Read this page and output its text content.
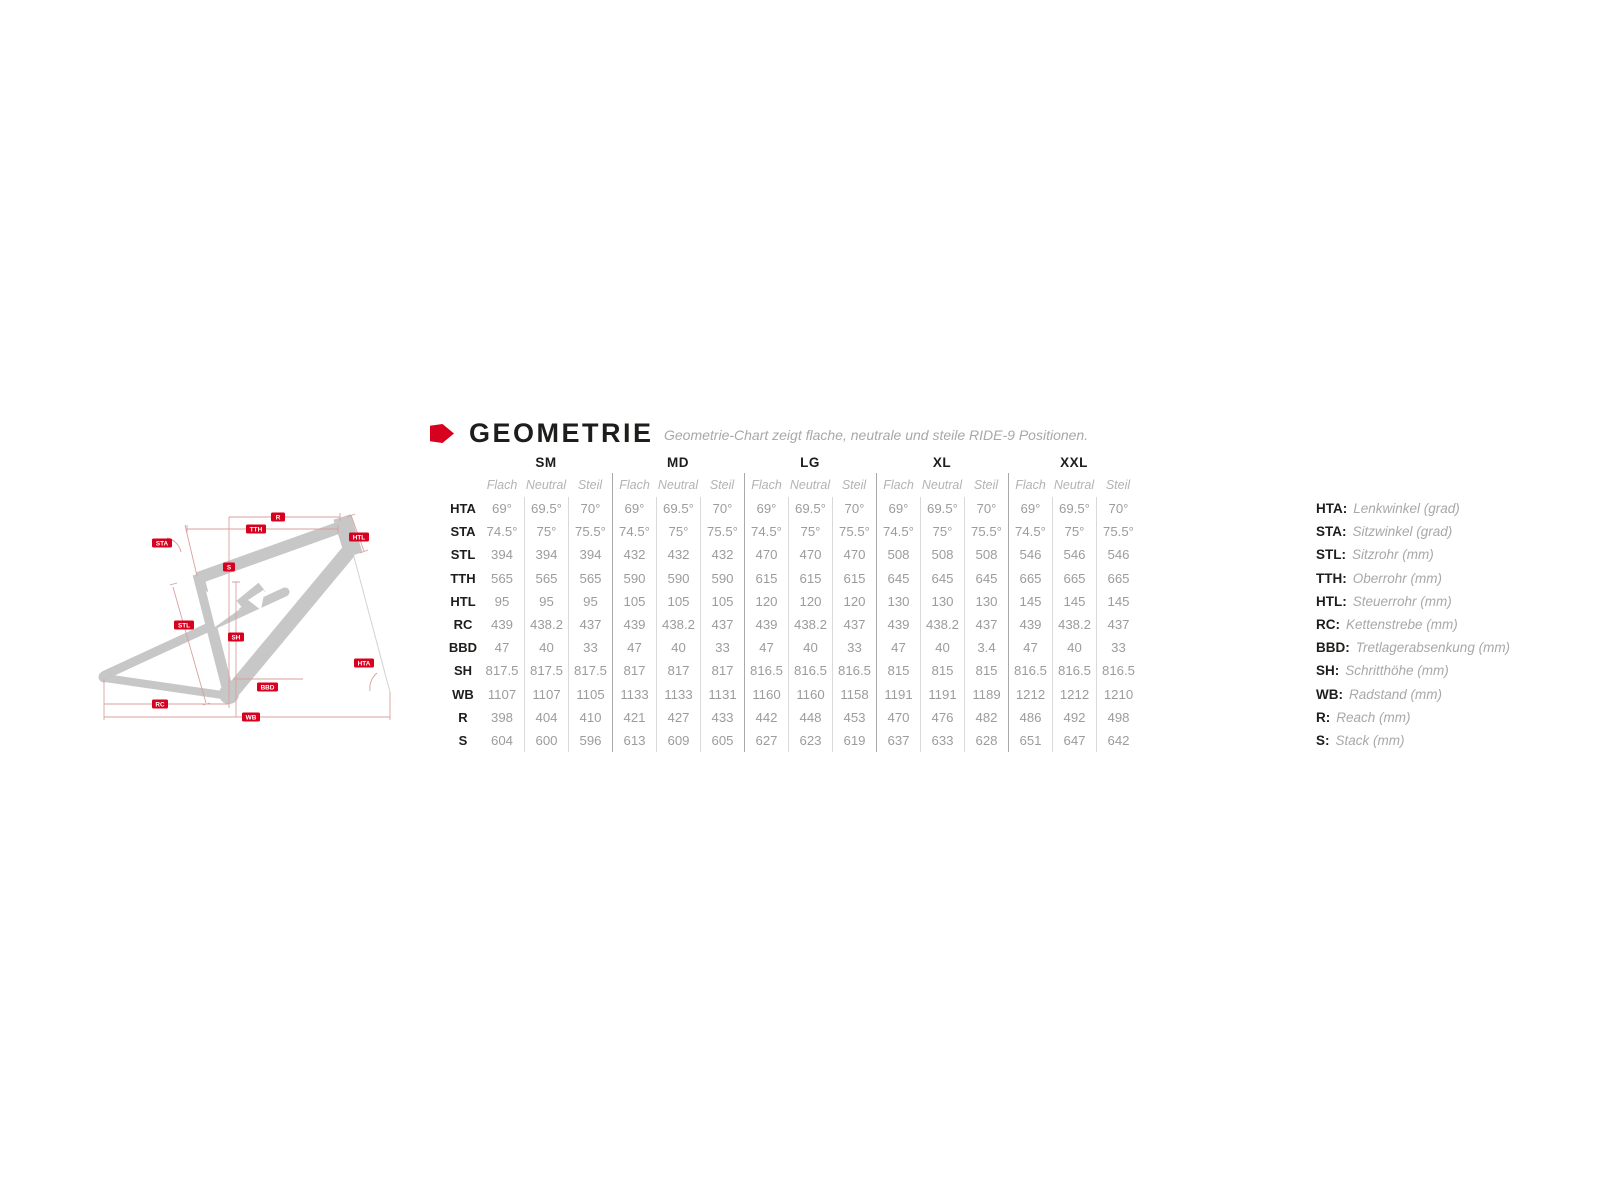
GEOMETRIE Geometrie-Chart zeigt flache, neutrale und steile RIDE-9 Positionen.
R
TTH
HTL
STA
S
STL
SH
HTA
BBD
RC
WB
SM	MD	LG	XL	XXL
Flach Neutral Steil	Flach Neutral Steil	Flach Neutral Steil	Flach Neutral Steil	Flach Neutral Steil
HTA	69°	69.5°	70°	69°	69.5°	70°	69°	69.5°	70°	69°	69.5°	70°	69°	69.5°	70°
STA 74.5°	75°	75.5° 74.5°	75°	75.5° 74.5°	75°	75.5° 74.5°	75°	75.5° 74.5°	75°	75.5°
STL	394	394	394	432	432	432	470	470	470	508	508	508	546	546	546
TTH	565	565	565	590	590	590	615	615	615	645	645	645	665	665	665
HTL	95	95	95	105	105	105	120	120	120	130	130	130	145	145	145
RC	439	438.2	437	439	438.2	437	439	438.2	437	439	438.2	437	439	438.2	437
BBD	47	40	33	47	40	33	47	40	33	47	40	3.4	47	40	33
SH	817.5 817.5 817.5	817	817	817	816.5 816.5 816.5	815	815	815	816.5 816.5 816.5
WB	1107	1107	1105	1133	1133	1131	1160	1160	1158	1191	1191	1189	1212	1212	1210
R	398	404	410	421	427	433	442	448	453	470	476	482	486	492	498
S	604	600	596	613	609	605	627	623	619	637	633	628	651	647	642
HTA: Lenkwinkel (grad)
STA: Sitzwinkel (grad)
STL: Sitzrohr (mm)
TTH: Oberrohr (mm)
HTL: Steuerrohr (mm)
RC: Kettenstrebe (mm)
BBD: Tretlagerabsenkung (mm)
SH: Schritthöhe (mm)
WB: Radstand (mm)
R: Reach (mm)
S: Stack (mm)
